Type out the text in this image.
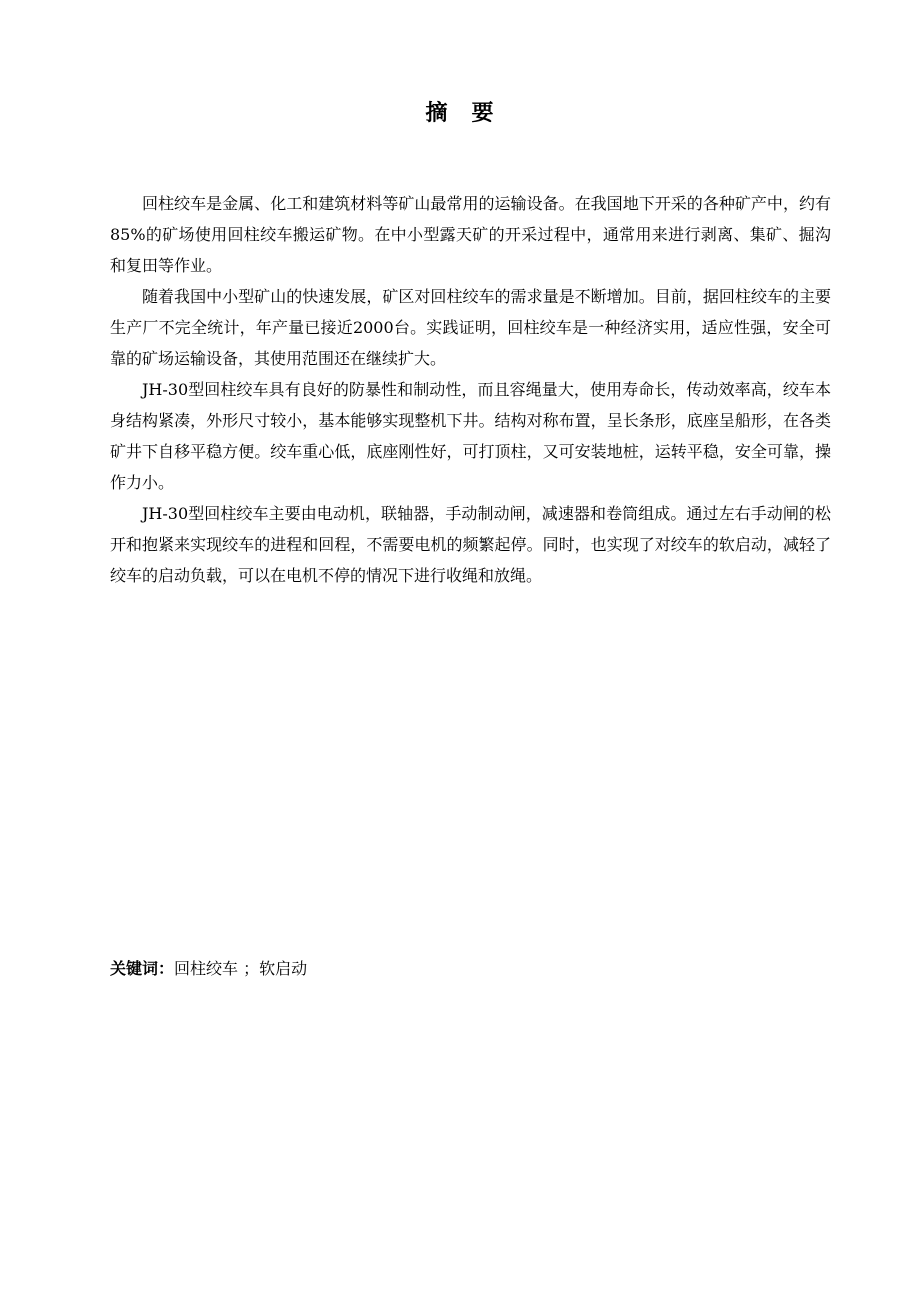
摘　要

回柱绞车是金属、化工和建筑材料等矿山最常用的运输设备。在我国地下开采的各种矿产中，约有85%的矿场使用回柱绞车搬运矿物。在中小型露天矿的开采过程中，通常用来进行剥离、集矿、掘沟和复田等作业。

随着我国中小型矿山的快速发展，矿区对回柱绞车的需求量是不断增加。目前，据回柱绞车的主要生产厂不完全统计，年产量已接近2000台。实践证明，回柱绞车是一种经济实用，适应性强，安全可靠的矿场运输设备，其使用范围还在继续扩大。

JH-30型回柱绞车具有良好的防暴性和制动性，而且容绳量大，使用寿命长，传动效率高，绞车本身结构紧凑，外形尺寸较小，基本能够实现整机下井。结构对称布置，呈长条形，底座呈船形，在各类矿井下自移平稳方便。绞车重心低，底座刚性好，可打顶柱，又可安装地桩，运转平稳，安全可靠，操作力小。

JH-30型回柱绞车主要由电动机，联轴器，手动制动闸，减速器和卷筒组成。通过左右手动闸的松开和抱紧来实现绞车的进程和回程，不需要电机的频繁起停。同时，也实现了对绞车的软启动，减轻了绞车的启动负载，可以在电机不停的情况下进行收绳和放绳。

关键词：回柱绞车 ；软启动
